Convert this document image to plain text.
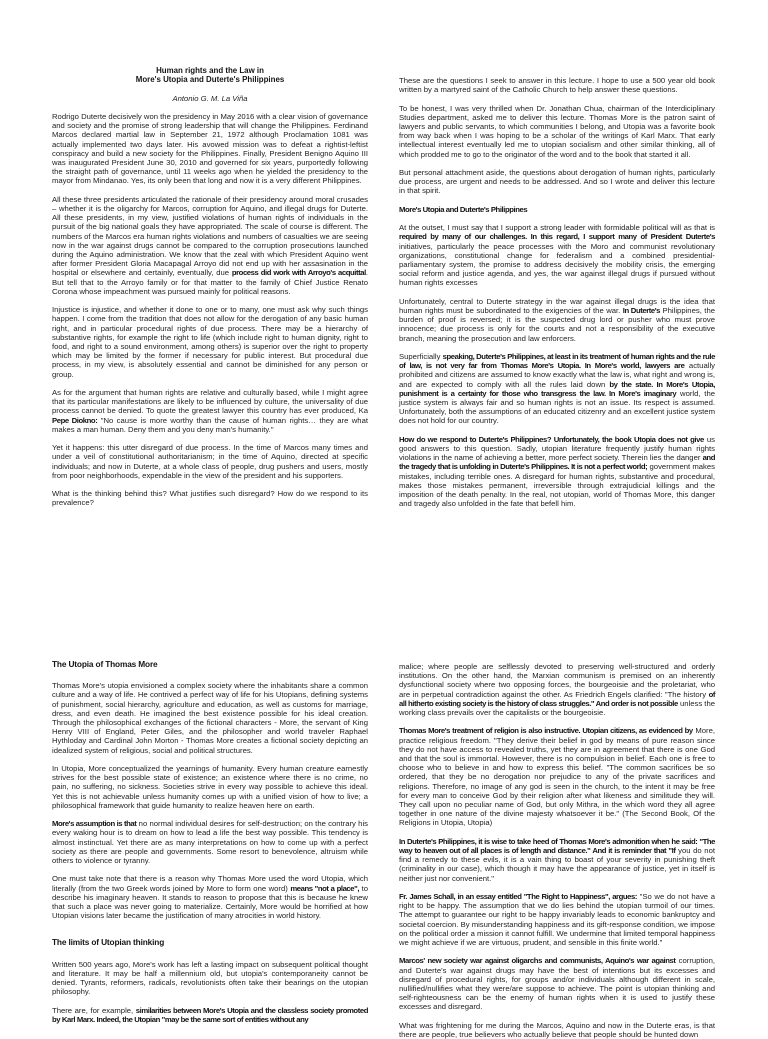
Human rights and the Law in
More's Utopia and Duterte's Philippines
Antonio G. M. La Viña

Rodrigo Duterte decisively won the presidency in May 2016 with a clear vision of governance and society and the promise of strong leadership that will change the Philippines. Ferdinand Marcos declared martial law in September 21, 1972 although Proclamation 1081 was actually implemented two days later. His avowed mission was to defeat a rightist-leftist conspiracy and build a new society for the Philippines. Finally, President Benigno Aquino III was inaugurated President June 30, 2010 and governed for six years, purportedly following the straight path of governance, until 11 weeks ago when he yielded the presidency to the mayor from Mindanao. Yes, its only been that long and now it is a very different Philippines.

All these three presidents articulated the rationale of their presidency around moral crusades – whether it is the oligarchy for Marcos, corruption for Aquino, and illegal drugs for Duterte. All these presidents, in my view, justified violations of human rights of individuals in the pursuit of the big national goals they have appropriated. The scale of course is different. The numbers of the Marcos era human rights violations and numbers of casualties we are seeing now in the war against drugs cannot be compared to the corruption prosecutions launched during the Aquino administration. We know that the zeal with which President Aquino went after former President Gloria Macapagal Arroyo did not end up with her assasination in the hospital or elsewhere and certainly, eventually, due process did work with Arroyo's acquittal. But tell that to the Arroyo family or for that matter to the family of Chief Justice Renato Corona whose impeachment was pursued mainly for political reasons.

Injustice is injustice, and whether it done to one or to many, one must ask why such things happen. I come from the tradition that does not allow for the derogation of any basic human right, and in particular procedural rights of due process. There may be a hierarchy of substantive rights, for example the right to life (which include right to human dignity, right to food, and right to a sound environment, among others) is superior over the right to property which may be limited by the former if necessary for public interest. But procedural due process, in my view, is absolutely essential and cannot be diminished for any person or group.

As for the argument that human rights are relative and culturally based, while I might agree that its particular manifestations are likely to be influenced by culture, the universality of due process cannot be denied. To quote the greatest lawyer this country has ever produced, Ka Pepe Diokno: "No cause is more worthy than the cause of human rights… they are what makes a man human. Deny them and you deny man's humanity."

Yet it happens: this utter disregard of due process. In the time of Marcos many times and under a veil of constitutional authoritarianism; in the time of Aquino, directed at specific individuals; and now in Duterte, at a whole class of people, drug pushers and users, mostly from poor neighborhoods, expendable in the view of the president and his supporters.

What is the thinking behind this? What justifies such disregard? How do we respond to its prevalence?

These are the questions I seek to answer in this lecture. I hope to use a 500 year old book written by a martyred saint of the Catholic Church to help answer these questions.

To be honest, I was very thrilled when Dr. Jonathan Chua, chairman of the Interdiciplinary Studies department, asked me to deliver this lecture. Thomas More is the patron saint of lawyers and public servants, to which communities I belong, and Utopia was a favorite book from way back when I was hoping to be a scholar of the writings of Karl Marx. That early intellectual interest eventually led me to utopian socialism and other similar thinking, all of which prodded me to go to the originator of the word and to the book that started it all.

But personal attachment aside, the questions about derogation of human rights, particularly due process, are urgent and needs to be addressed. And so I wrote and deliver this lecture in that spirit.

More's Utopia and Duterte's Philippines

At the outset, I must say that I support a strong leader with formidable political will as that is required by many of our challenges. In this regard, I support many of President Duterte's initiatives, particularly the peace processes with the Moro and communist revolutionary organizations, constitutional change for federalism and a combined presidential-parliamentary system, the promise to address decisively the mobility crisis, the emerging social reform and justice agenda, and yes, the war against illegal drugs if pursued without human rights excesses

Unfortunately, central to Duterte strategy in the war against illegal drugs is the idea that human rights must be subordinated to the exigencies of the war. In Duterte's Philippines, the burden of proof is reversed; it is the suspected drug lord or pusher who must prove innocence; due process is only for the courts and not a responsibility of the executive branch, meaning the prosecution and law enforcers.

Superficially speaking, Duterte's Philippines, at least in its treatment of human rights and the rule of law, is not very far from Thomas More's Utopia. In More's world, lawyers are actually prohibited and citizens are assumed to know exactly what the law is, what right and wrong is, and are expected to comply with all the rules laid down by the state. In More's Utopia, punishment is a certainty for those who transgress the law. In More's imaginary world, the justice system is always fair and so human rights is not an issue. Its respect is assumed. Unfortunately, both the assumptions of an educated citizenry and an excellent justice system does not hold for our country.

How do we respond to Duterte's Philippines? Unfortunately, the book Utopia does not give us good answers to this question. Sadly, utopian literature frequently justify human rights violations in the name of achieving a better, more perfect society. Therein lies the danger and the tragedy that is unfolding in Duterte's Philippines. It is not a perfect world; government makes mistakes, including terrible ones. A disregard for human rights, substantive and procedural, makes those mistakes permanent, irreversible through extrajudicial killings and the imposition of the death penalty. In the real, not utopian, world of Thomas More, this danger and tragedy also unfolded in the fate that befell him.

The Utopia of Thomas More

Thomas More's utopia envisioned a complex society where the inhabitants share a common culture and a way of life. He contrived a perfect way of life for his Utopians, defining systems of punishment, social hierarchy, agriculture and education, as well as customs for marriage, dress, and even death. He imagined the best existence possible for his ideal creation. Through the philosophical exchanges of the fictional characters - More, the servant of King Henry VIII of England, Peter Giles, and the philosopher and world traveler Raphael Hythloday and Cardinal John Morton - Thomas More creates a fictional society depicting an idealized system of religious, social and political structures.

In Utopia, More conceptualized the yearnings of humanity. Every human creature earnestly strives for the best possible state of existence; an existence where there is no crime, no pain, no suffering, no sickness. Societies strive in every way possible to achieve this ideal. Yet this is not achievable unless humanity comes up with a unified vision of how to live; a philosophical framework that guide humanity to realize heaven here on earth.

More's assumption is that no normal individual desires for self-destruction; on the contrary his every waking hour is to dream on how to lead a life the best way possible. This tendency is almost instinctual. Yet there are as many interpretations on how to come up with a perfect society as there are people and governments. Some resort to benevolence, altruism while others to violence or tyranny.

One must take note that there is a reason why Thomas More used the word Utopia, which literally (from the two Greek words joined by More to form one word) means "not a place", to describe his imaginary heaven. It stands to reason to propose that this is because he knew that such a place was never going to materialize. Certainly, More would be horrified at how Utopian visions later became the justification of many atrocities in world history.

The limits of Utopian thinking

Written 500 years ago, More's work has left a lasting impact on subsequent political thought and literature. It may be half a millennium old, but utopia's contemporaneity cannot be denied. Tyrants, reformers, radicals, revolutionists often take their bearings on the utopian philosophy.

There are, for example, similarities between More's Utopia and the classless society promoted by Karl Marx. Indeed, the Utopian "may be the same sort of entities without any

malice; where people are selflessly devoted to preserving well-structured and orderly institutions. On the other hand, the Marxian communism is premised on an inherently dysfunctional society where two opposing forces, the bourgeoisie and the proletariat, who are in perpetual contradiction against the other. As Friedrich Engels clarified: "The history of all hitherto existing society is the history of class struggles." And order is not possible unless the working class prevails over the capitalists or the bourgeoisie.

Thomas More's treatment of religion is also instructive. Utopian citizens, as evidenced by More, practice religious freedom. "They derive their belief in god by means of pure reason since they do not have access to revealed truths, yet they are in agreement that there is one God and that the soul is immortal. However, there is no compulsion in belief. Each one is free to choose who to believe in and how to express this belief. "The common sacrifices be so ordered, that they be no derogation nor prejudice to any of the private sacrifices and religions. Therefore, no image of any god is seen in the church, to the intent it may be free for every man to conceive God by their religion after what likeness and similitude they will. They call upon no peculiar name of God, but only Mithra, in the which word they all agree together in one nature of the divine majesty whatsoever it be." (The Second Book, Of the Religions in Utopia, Utopia)

In Duterte's Philippines, it is wise to take heed of Thomas More's admonition when he said: "The way to heaven out of all places is of length and distance." And it is reminder that "If you do not find a remedy to these evils, it is a vain thing to boast of your severity in punishing theft (criminality in our case), which though it may have the appearance of justice, yet in itself is neither just nor convenient."

Fr. James Schall, in an essay entitled "The Right to Happiness", argues: "So we do not have a right to be happy. The assumption that we do lies behind the utopian turmoil of our times. The attempt to guarantee our right to be happy invariably leads to economic bankruptcy and societal coercion. By misunderstanding happiness and its gift-response condition, we impose on the political order a mission it cannot fulfill. We undermine that limited temporal happiness we might achieve if we are virtuous, prudent, and sensible in this finite world."

Marcos' new society war against oligarchs and communists, Aquino's war against corruption, and Duterte's war against drugs may have the best of intentions but its excesses and disregard of procedural rights, for groups and/or individuals although different in scale, nullified/nullifies what they were/are suppose to achieve. The point is utopian thinking and self-righteousness can be the enemy of human rights when it is used to justify these excesses and disregard.

What was frightening for me during the Marcos, Aquino and now in the Duterte eras, is that there are people, true believers who actually believe that people should be hunted down
